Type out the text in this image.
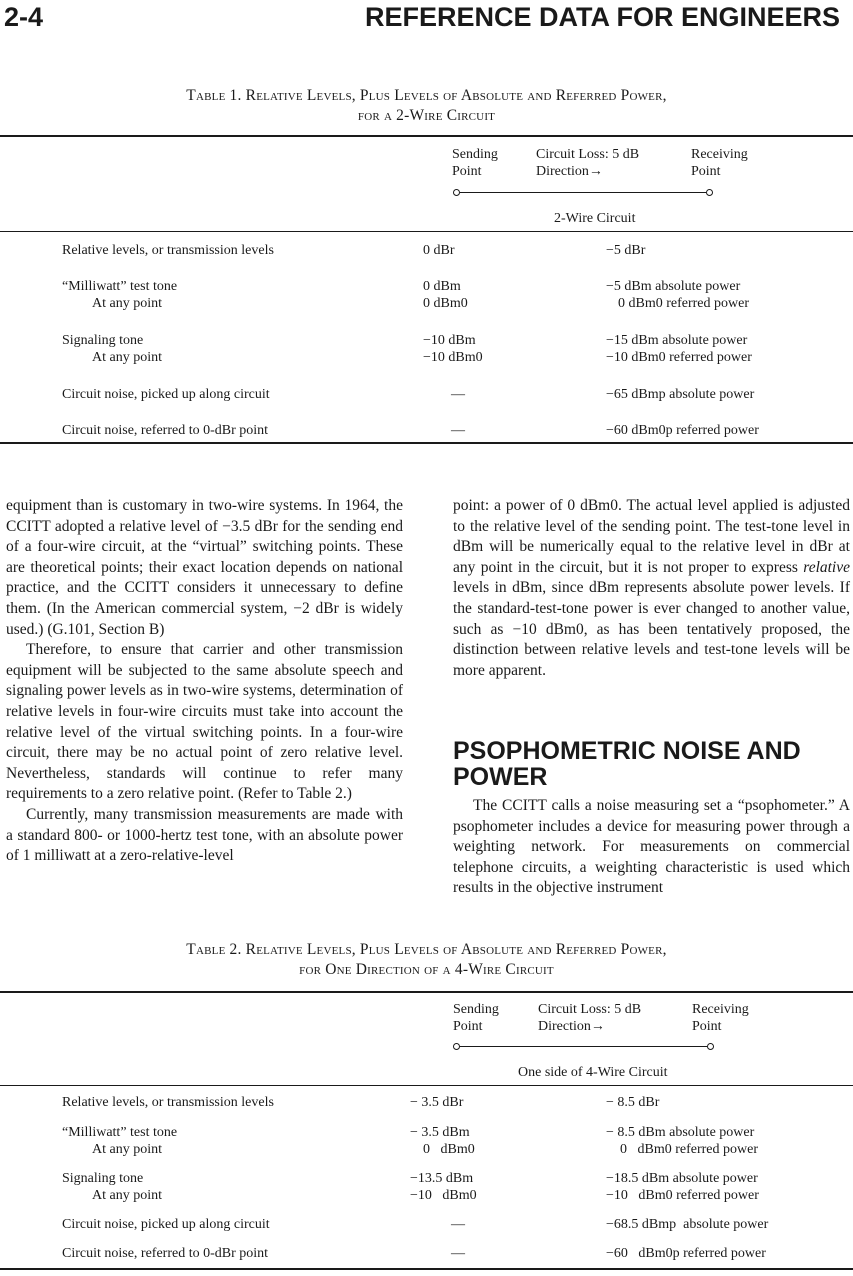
2-4	REFERENCE DATA FOR ENGINEERS
Table 1. Relative Levels, Plus Levels of Absolute and Referred Power,
for a 2-Wire Circuit
Sending
Point
Circuit Loss: 5 dB
Direction→
Receiving
Point
2-Wire Circuit
Relative levels, or transmission levels	0 dBr	−5 dBr
“Milliwatt” test tone	0 dBm	−5 dBm absolute power
At any point	0 dBm0	0 dBm0 referred power
Signaling tone	−10 dBm	−15 dBm absolute power
At any point	−10 dBm0	−10 dBm0 referred power
Circuit noise, picked up along circuit	—	−65 dBmp absolute power
Circuit noise, referred to 0-dBr point	—	−60 dBm0p referred power

equipment than is customary in two-wire systems. In 1964, the CCITT adopted a relative level of −3.5 dBr for the sending end of a four-wire circuit, at the “virtual” switching points. These are theoretical points; their exact location depends on national practice, and the CCITT considers it unnecessary to define them. (In the American commercial system, −2 dBr is widely used.) (G.101, Section B)

Therefore, to ensure that carrier and other transmission equipment will be subjected to the same absolute speech and signaling power levels as in two-wire systems, determination of relative levels in four-wire circuits must take into account the relative level of the virtual switching points. In a four-wire circuit, there may be no actual point of zero relative level. Nevertheless, standards will continue to refer many requirements to a zero relative point. (Refer to Table 2.)

Currently, many transmission measurements are made with a standard 800- or 1000-hertz test tone, with an absolute power of 1 milliwatt at a zero-relative-level

point: a power of 0 dBm0. The actual level applied is adjusted to the relative level of the sending point. The test-tone level in dBm will be numerically equal to the relative level in dBr at any point in the circuit, but it is not proper to express relative levels in dBm, since dBm represents absolute power levels. If the standard-test-tone power is ever changed to another value, such as −10 dBm0, as has been tentatively proposed, the distinction between relative levels and test-tone levels will be more apparent.

PSOPHOMETRIC NOISE AND POWER

The CCITT calls a noise measuring set a “psophometer.” A psophometer includes a device for measuring power through a weighting network. For measurements on commercial telephone circuits, a weighting characteristic is used which results in the objective instrument

Table 2. Relative Levels, Plus Levels of Absolute and Referred Power,
for One Direction of a 4-Wire Circuit
Sending
Point
Circuit Loss: 5 dB
Direction→
Receiving
Point
One side of 4-Wire Circuit
Relative levels, or transmission levels	− 3.5 dBr	− 8.5 dBr
“Milliwatt” test tone	− 3.5 dBm	− 8.5 dBm absolute power
At any point	0   dBm0	0   dBm0 referred power
Signaling tone	−13.5 dBm	−18.5 dBm absolute power
At any point	−10   dBm0	−10   dBm0 referred power
Circuit noise, picked up along circuit	—	−68.5 dBmp  absolute power
Circuit noise, referred to 0-dBr point	—	−60   dBm0p referred power
